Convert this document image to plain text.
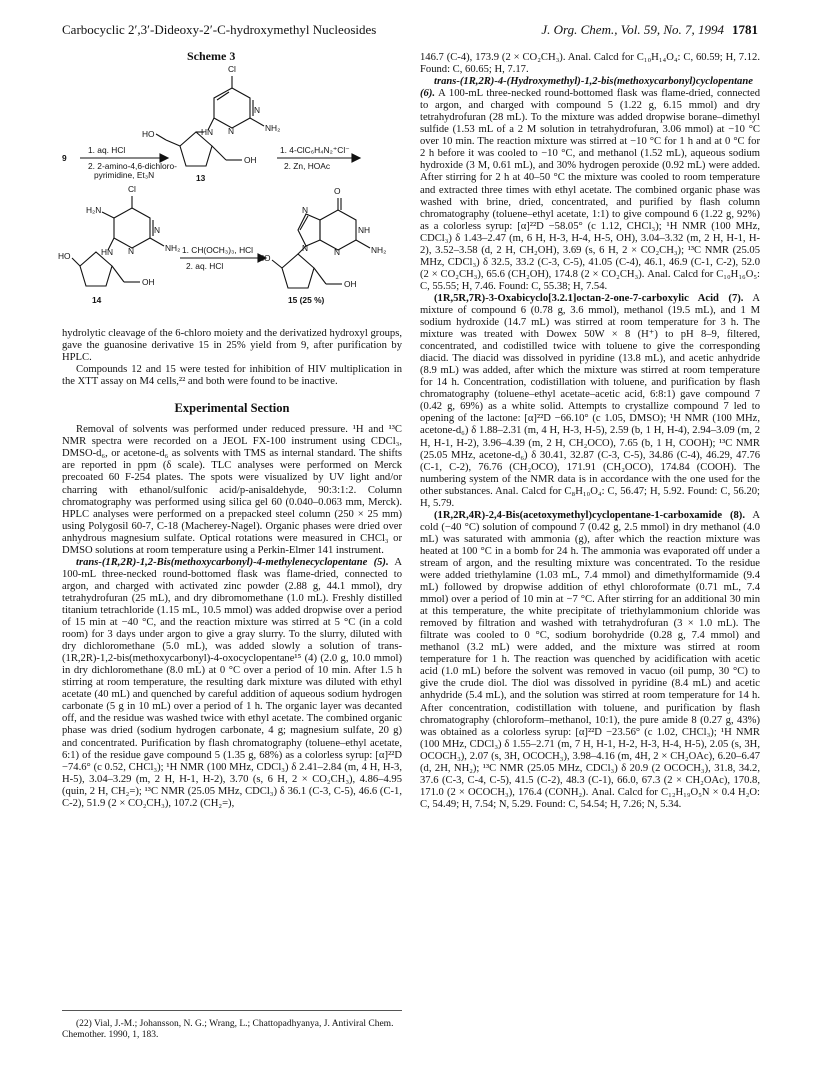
Carbocyclic 2′,3′-Dideoxy-2′-C-hydroxymethyl Nucleosides	J. Org. Chem., Vol. 59, No. 7, 1994 1781
Scheme 3
Cl
N
N	NH₂
HN
HO
OH
13
9
1. aq. HCl
2. 2-amino-4,6-dichloro-
pyrimidine, Et₃N
1. 4-ClC₆H₄N₂⁺Cl⁻
2. Zn, HOAc
Cl
H₂N
N
N	NH₂
HN
HO
OH
14
1. CH(OCH₃)₃, HCl
2. aq. HCl
O
NH
N	NH₂
N
N
HO
OH
15 (25 %)

hydrolytic cleavage of the 6-chloro moiety and the derivatized hydroxyl groups, gave the guanosine derivative 15 in 25% yield from 9, after purification by HPLC.

Compounds 12 and 15 were tested for inhibition of HIV multiplication in the XTT assay on M4 cells,²² and both were found to be inactive.

Experimental Section

Removal of solvents was performed under reduced pressure. ¹H and ¹³C NMR spectra were recorded on a JEOL FX-100 instrument using CDCl₃, DMSO-d₆, or acetone-d₆ as solvents with TMS as internal standard. The shifts are reported in ppm (δ scale). TLC analyses were performed on Merck precoated 60 F-254 plates. The spots were visualized by UV light and/or charring with ethanol/sulfonic acid/p-anisaldehyde, 90:3:1:2. Column chromatography was performed using silica gel 60 (0.040–0.063 mm, Merck). HPLC analyses were performed on a prepacked steel column (250 × 25 mm) using Polygosil 60-7, C-18 (Macherey-Nagel). Organic phases were dried over anhydrous magnesium sulfate. Optical rotations were measured in CHCl₃ or DMSO solutions at room temperature using a Perkin-Elmer 141 instrument.

trans-(1R,2R)-1,2-Bis(methoxycarbonyl)-4-methylenecyclopentane (5). A 100-mL three-necked round-bottomed flask was flame-dried, connected to argon, and charged with activated zinc powder (2.88 g, 44.1 mmol), dry tetrahydrofuran (25 mL), and dry dibromomethane (1.0 mL). Freshly distilled titanium tetrachloride (1.15 mL, 10.5 mmol) was added dropwise over a period of 15 min at −40 °C, and the reaction mixture was stirred at 5 °C (in a cold room) for 3 days under argon to give a gray slurry. To the slurry, diluted with dry dichloromethane (5.0 mL), was added slowly a solution of trans-(1R,2R)-1,2-bis(methoxycarbonyl)-4-oxocyclopentane¹⁵ (4) (2.0 g, 10.0 mmol) in dry dichloromethane (8.0 mL) at 0 °C over a period of 10 min. After 1.5 h stirring at room temperature, the resulting dark mixture was diluted with ethyl acetate (40 mL) and quenched by careful addition of aqueous sodium hydrogen carbonate (5 g in 10 mL) over a period of 1 h. The organic layer was decanted off, and the residue was washed twice with ethyl acetate. The combined organic phase was dried (sodium hydrogen carbonate, 4 g; magnesium sulfate, 20 g) and concentrated. Purification by flash chromatography (toluene–ethyl acetate, 6:1) of the residue gave compound 5 (1.35 g, 68%) as a colorless syrup: [α]²²D −74.6° (c 0.52, CHCl₃); ¹H NMR (100 MHz, CDCl₃) δ 2.41–2.84 (m, 4 H, H-3, H-5), 3.04–3.29 (m, 2 H, H-1, H-2), 3.70 (s, 6 H, 2 × CO₂CH₃), 4.86–4.95 (quin, 2 H, CH₂=); ¹³C NMR (25.05 MHz, CDCl₃) δ 36.1 (C-3, C-5), 46.6 (C-1, C-2), 51.9 (2 × CO₂CH₃), 107.2 (CH₂=),

(22) Vial, J.-M.; Johansson, N. G.; Wrang, L.; Chattopadhyanya, J. Antiviral Chem. Chemother. 1990, 1, 183.

146.7 (C-4), 173.9 (2 × CO₂CH₃). Anal. Calcd for C₁₀H₁₄O₄: C, 60.59; H, 7.12. Found: C, 60.65; H, 7.17.

trans-(1R,2R)-4-(Hydroxymethyl)-1,2-bis(methoxycarbonyl)cyclopentane (6). A 100-mL three-necked round-bottomed flask was flame-dried, connected to argon, and charged with compound 5 (1.22 g, 6.15 mmol) and dry tetrahydrofuran (28 mL). To the mixture was added dropwise borane–dimethyl sulfide (1.53 mL of a 2 M solution in tetrahydrofuran, 3.06 mmol) at −10 °C over 10 min. The reaction mixture was stirred at −10 °C for 1 h and at 0 °C for 2 h before it was cooled to −10 °C, and methanol (1.52 mL), aqueous sodium hydroxide (3 M, 0.61 mL), and 30% hydrogen peroxide (0.92 mL) were added. After stirring for 2 h at 40–50 °C the mixture was cooled to room temperature and extracted three times with ethyl acetate. The combined organic phase was washed with brine, dried, concentrated, and purified by flash column chromatography (toluene–ethyl acetate, 1:1) to give compound 6 (1.22 g, 92%) as a colorless syrup: [α]²²D −58.05° (c 1.12, CHCl₃); ¹H NMR (100 MHz, CDCl₃) δ 1.43–2.47 (m, 6 H, H-3, H-4, H-5, OH), 3.04–3.32 (m, 2 H, H-1, H-2), 3.52–3.58 (d, 2 H, CH₂OH), 3.69 (s, 6 H, 2 × CO₂CH₃); ¹³C NMR (25.05 MHz, CDCl₃) δ 32.5, 33.2 (C-3, C-5), 41.05 (C-4), 46.1, 46.9 (C-1, C-2), 52.0 (2 × CO₂CH₃), 65.6 (CH₂OH), 174.8 (2 × CO₂CH₃). Anal. Calcd for C₁₀H₁₆O₅: C, 55.55; H, 7.46. Found: C, 55.38; H, 7.54.

(1R,5R,7R)-3-Oxabicyclo[3.2.1]octan-2-one-7-carboxylic Acid (7). A mixture of compound 6 (0.78 g, 3.6 mmol), methanol (19.5 mL), and 1 M sodium hydroxide (14.7 mL) was stirred at room temperature for 3 h. The mixture was treated with Dowex 50W × 8 (H⁺) to pH 8–9, filtered, concentrated, and codistilled twice with toluene to give the corresponding diacid. The diacid was dissolved in pyridine (13.8 mL), and acetic anhydride (8.9 mL) was added, after which the mixture was stirred at room temperature for 14 h. Concentration, codistillation with toluene, and purification by flash chromatography (toluene–ethyl acetate–acetic acid, 6:8:1) gave compound 7 (0.42 g, 69%) as a white solid. Attempts to crystallize compound 7 led to opening of the lactone: [α]²²D −66.10° (c 1.05, DMSO); ¹H NMR (100 MHz, acetone-d₆) δ 1.88–2.31 (m, 4 H, H-3, H-5), 2.59 (b, 1 H, H-4), 2.94–3.09 (m, 2 H, H-1, H-2), 3.96–4.39 (m, 2 H, CH₂OCO), 7.65 (b, 1 H, COOH); ¹³C NMR (25.05 MHz, acetone-d₆) δ 30.41, 32.87 (C-3, C-5), 34.86 (C-4), 46.29, 47.76 (C-1, C-2), 76.76 (CH₂OCO), 171.91 (CH₂OCO), 174.84 (COOH). The numbering system of the NMR data is in accordance with the one used for the other substances. Anal. Calcd for C₈H₁₀O₄: C, 56.47; H, 5.92. Found: C, 56.20; H, 5.79.

(1R,2R,4R)-2,4-Bis(acetoxymethyl)cyclopentane-1-carboxamide (8). A cold (−40 °C) solution of compound 7 (0.42 g, 2.5 mmol) in dry methanol (4.0 mL) was saturated with ammonia (g), after which the reaction mixture was heated at 100 °C in a bomb for 24 h. The ammonia was evaporated off under a stream of argon, and the resulting mixture was concentrated. To the residue were added triethylamine (1.03 mL, 7.4 mmol) and dimethylformamide (9.4 mL) followed by dropwise addition of ethyl chloroformate (0.71 mL, 7.4 mmol) over a period of 10 min at −7 °C. After stirring for an additional 30 min at this temperature, the white precipitate of triethylammonium chloride was removed by filtration and washed with tetrahydrofuran (3 × 1.0 mL). The filtrate was cooled to 0 °C, sodium borohydride (0.28 g, 7.4 mmol) and methanol (3.2 mL) were added, and the mixture was stirred at room temperature for 1 h. The reaction was quenched by acidification with acetic acid (1.0 mL) before the solvent was removed in vacuo (oil pump, 30 °C) to give the crude diol. The diol was dissolved in pyridine (8.4 mL) and acetic anhydride (5.4 mL), and the solution was stirred at room temperature for 14 h. After concentration, codistillation with toluene, and purification by flash chromatography (chloroform–methanol, 10:1), the pure amide 8 (0.27 g, 43%) was obtained as a colorless syrup: [α]²²D −23.56° (c 1.02, CHCl₃); ¹H NMR (100 MHz, CDCl₃) δ 1.55–2.71 (m, 7 H, H-1, H-2, H-3, H-4, H-5), 2.05 (s, 3H, OCOCH₃), 2.07 (s, 3H, OCOCH₃), 3.98–4.16 (m, 4H, 2 × CH₂OAc), 6.20–6.47 (d, 2H, NH₂); ¹³C NMR (25.05 MHz, CDCl₃) δ 20.9 (2 OCOCH₃), 31.8, 34.2, 37.6 (C-3, C-4, C-5), 41.5 (C-2), 48.3 (C-1), 66.0, 67.3 (2 × CH₂OAc), 170.8, 171.0 (2 × OCOCH₃), 176.4 (CONH₂). Anal. Calcd for C₁₂H₁₉O₅N × 0.4 H₂O: C, 54.49; H, 7.54; N, 5.29. Found: C, 54.54; H, 7.26; N, 5.34.
